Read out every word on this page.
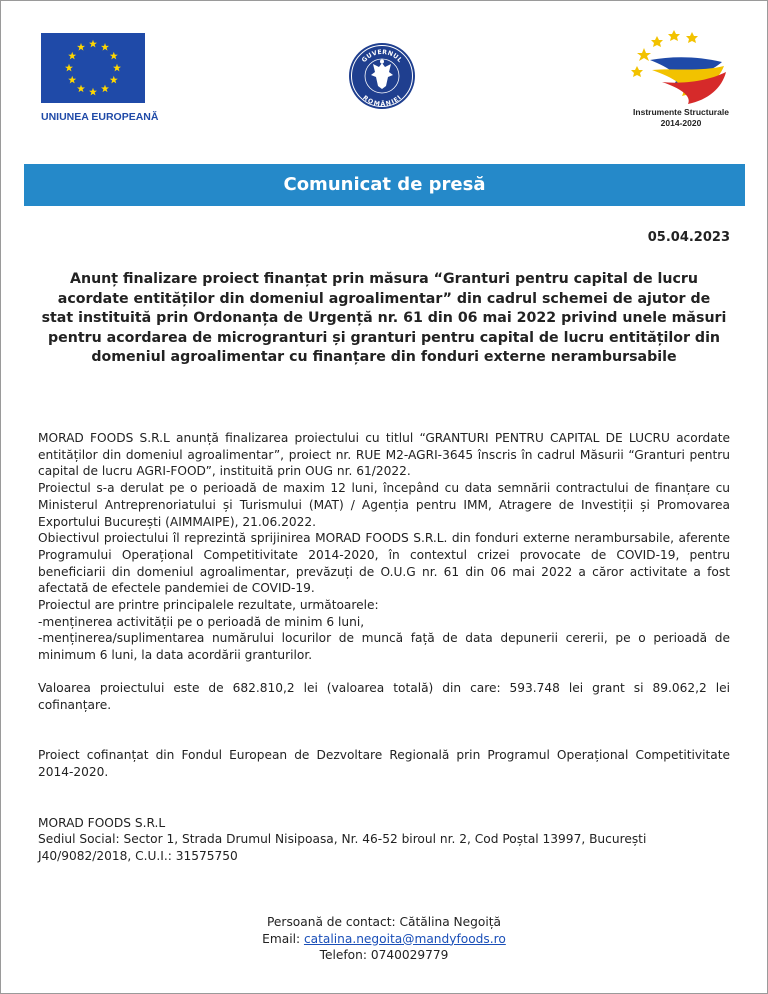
UNIUNEA EUROPEANĂ
GUVERNUL
ROMÂNIEI
Instrumente Structurale
2014-2020
Comunicat de presă
05.04.2023
Anunț finalizare proiect finanțat prin măsura “Granturi pentru capital de lucru acordate entităților din domeniul agroalimentar” din cadrul schemei de ajutor de stat instituită prin Ordonanța de Urgență nr. 61 din 06 mai 2022 privind unele măsuri pentru acordarea de microgranturi și granturi pentru capital de lucru entităților din domeniul agroalimentar cu finanțare din fonduri externe nerambursabile

MORAD FOODS S.R.L anunță finalizarea proiectului cu titlul “GRANTURI PENTRU CAPITAL DE LUCRU acordate entităților din domeniul agroalimentar”, proiect nr. RUE M2-AGRI-3645 înscris în cadrul Măsurii “Granturi pentru capital de lucru AGRI-FOOD”, instituită prin OUG nr. 61/2022.

Proiectul s-a derulat pe o perioadă de maxim 12 luni, începând cu data semnării contractului de finanțare cu Ministerul Antreprenoriatului și Turismului (MAT) / Agenția pentru IMM, Atragere de Investiții și Promovarea Exportului București (AIMMAIPE), 21.06.2022.

Obiectivul proiectului îl reprezintă sprijinirea MORAD FOODS S.R.L. din fonduri externe nerambursabile, aferente Programului Operațional Competitivitate 2014-2020, în contextul crizei provocate de COVID-19, pentru beneficiarii din domeniul agroalimentar, prevăzuți de O.U.G nr. 61 din 06 mai 2022 a căror activitate a fost afectată de efectele pandemiei de COVID-19.

Proiectul are printre principalele rezultate, următoarele:

-menținerea activității pe o perioadă de minim 6 luni,

-menținerea/suplimentarea numărului locurilor de muncă față de data depunerii cererii, pe o perioadă de minimum 6 luni, la data acordării granturilor.

Valoarea proiectului este de 682.810,2 lei (valoarea totală) din care: 593.748 lei grant si 89.062,2 lei cofinanțare.

Proiect cofinanțat din Fondul European de Dezvoltare Regională prin Programul Operațional Competitivitate 2014-2020.

MORAD FOODS S.R.L

Sediul Social: Sector 1, Strada Drumul Nisipoasa, Nr. 46-52 biroul nr. 2, Cod Poștal 13997, București

J40/9082/2018, C.U.I.: 31575750

Persoană de contact: Cătălina Negoiță
Email: catalina.negoita@mandyfoods.ro
Telefon: 0740029779
